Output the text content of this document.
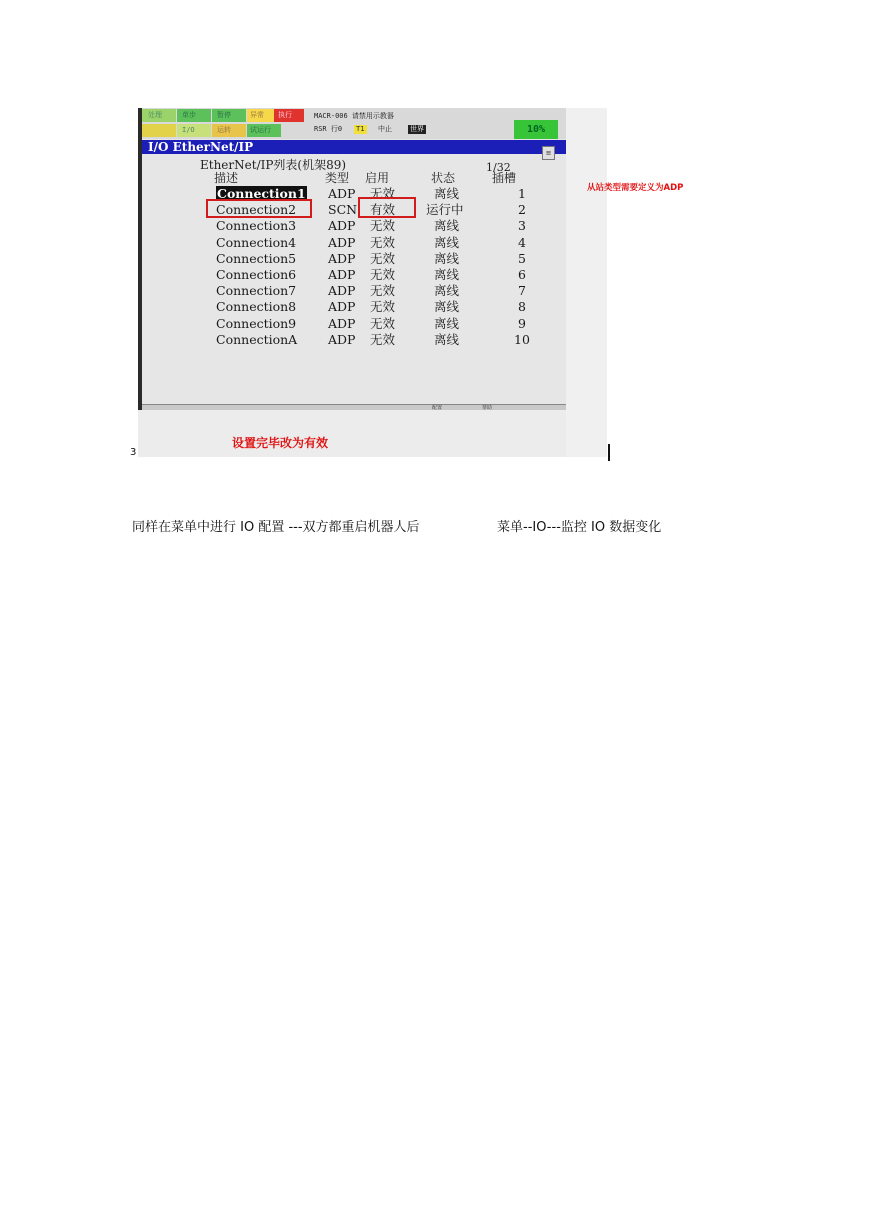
处理	单步	暂停	异常 执行
I/O	运转	试运行
MACR-006 请禁用示教器
RSR 行0 T1 中止	世界	10%
I/O EtherNet/IP	≡
EtherNet/IP列表(机架89)	1/32
描述	类型 启用	状态	插槽
Connection1 ADP 无效	离线	1
Connection2	SCN 有效 运行中	2
Connection3	ADP 无效	离线	3
Connection4	ADP 无效	离线	4
Connection5	ADP 无效	离线	5
Connection6	ADP 无效	离线	6
Connection7	ADP 无效	离线	7
Connection8	ADP 无效	离线	8
Connection9	ADP 无效	离线	9
ConnectionA ADP 无效	离线	10
配置	帮助
从站类型需要定义为ADP
设置完毕改为有效
3
同样在菜单中进行 IO 配置 ---双方都重启机器人后	菜单--IO---监控 IO 数据变化
